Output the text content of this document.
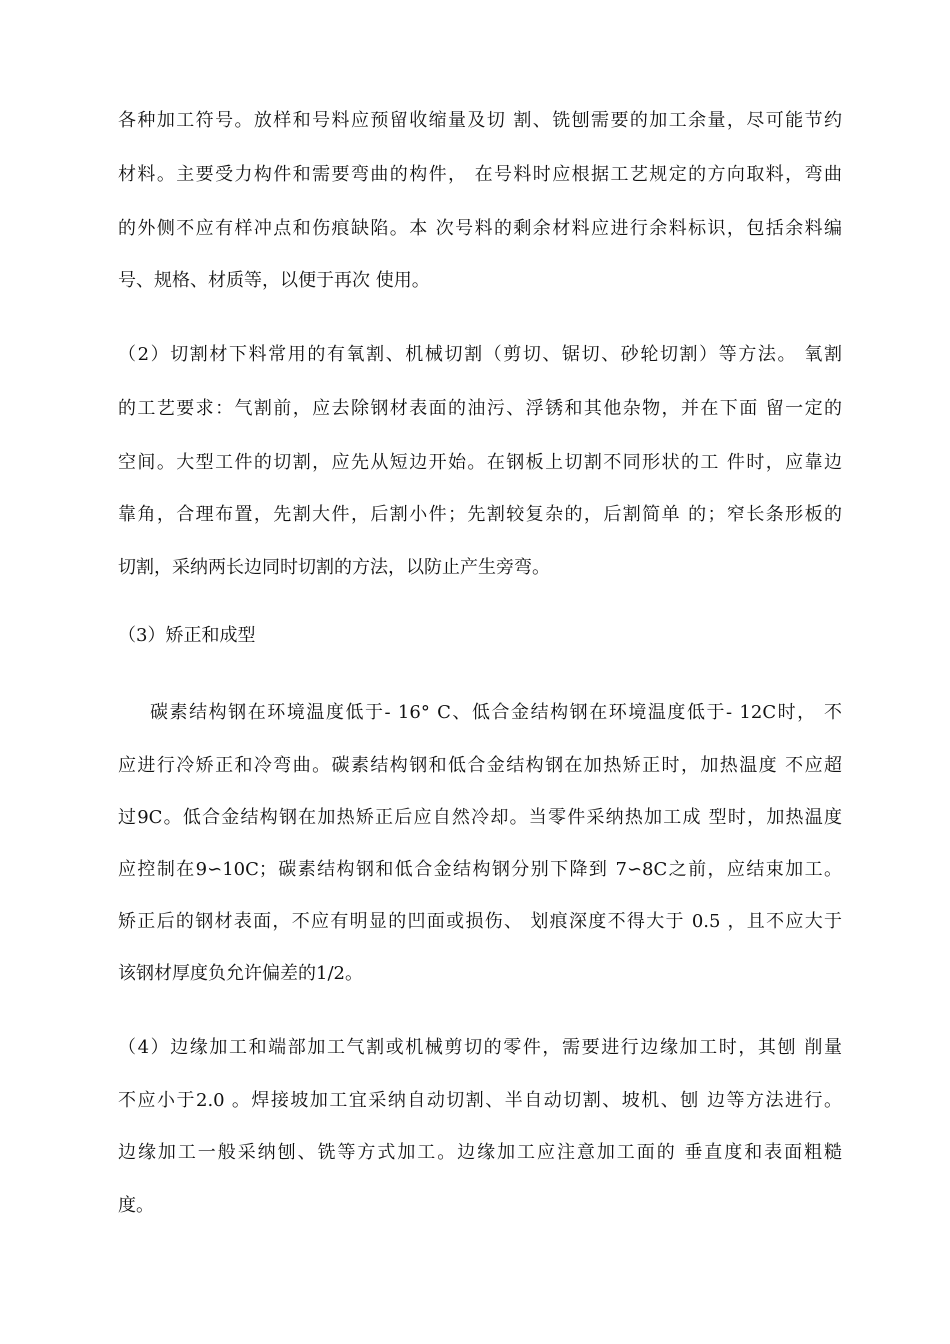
各种加工符号。放样和号料应预留收缩量及切 割、铣刨需要的加工余量，尽可能节约
材料。主要受力构件和需要弯曲的构件， 在号料时应根据工艺规定的方向取料，弯曲
的外侧不应有样冲点和伤痕缺陷。本 次号料的剩余材料应进行余料标识，包括余料编
号、规格、材质等，以便于再次 使用。
（2）切割材下料常用的有氧割、机械切割（剪切、锯切、砂轮切割）等方法。 氧割
的工艺要求：气割前，应去除钢材表面的油污、浮锈和其他杂物，并在下面 留一定的
空间。大型工件的切割，应先从短边开始。在钢板上切割不同形状的工 件时，应靠边
靠角，合理布置，先割大件，后割小件；先割较复杂的，后割简单 的；窄长条形板的
切割，采纳两长边同时切割的方法，以防止产生旁弯。
（3）矫正和成型
碳素结构钢在环境温度低于- 16° C、低合金结构钢在环境温度低于- 12C时， 不
应进行冷矫正和冷弯曲。碳素结构钢和低合金结构钢在加热矫正时，加热温度 不应超
过9C。低合金结构钢在加热矫正后应自然冷却。当零件采纳热加工成 型时，加热温度
应控制在9∽10C；碳素结构钢和低合金结构钢分别下降到 7∽8C之前，应结束加工。
矫正后的钢材表面，不应有明显的凹面或损伤、 划痕深度不得大于 0.5 ，且不应大于
该钢材厚度负允许偏差的1/2。
（4）边缘加工和端部加工气割或机械剪切的零件，需要进行边缘加工时，其刨 削量
不应小于2.0 。焊接坡加工宜采纳自动切割、半自动切割、坡机、刨 边等方法进行。
边缘加工一般采纳刨、铣等方式加工。边缘加工应注意加工面的 垂直度和表面粗糙
度。
